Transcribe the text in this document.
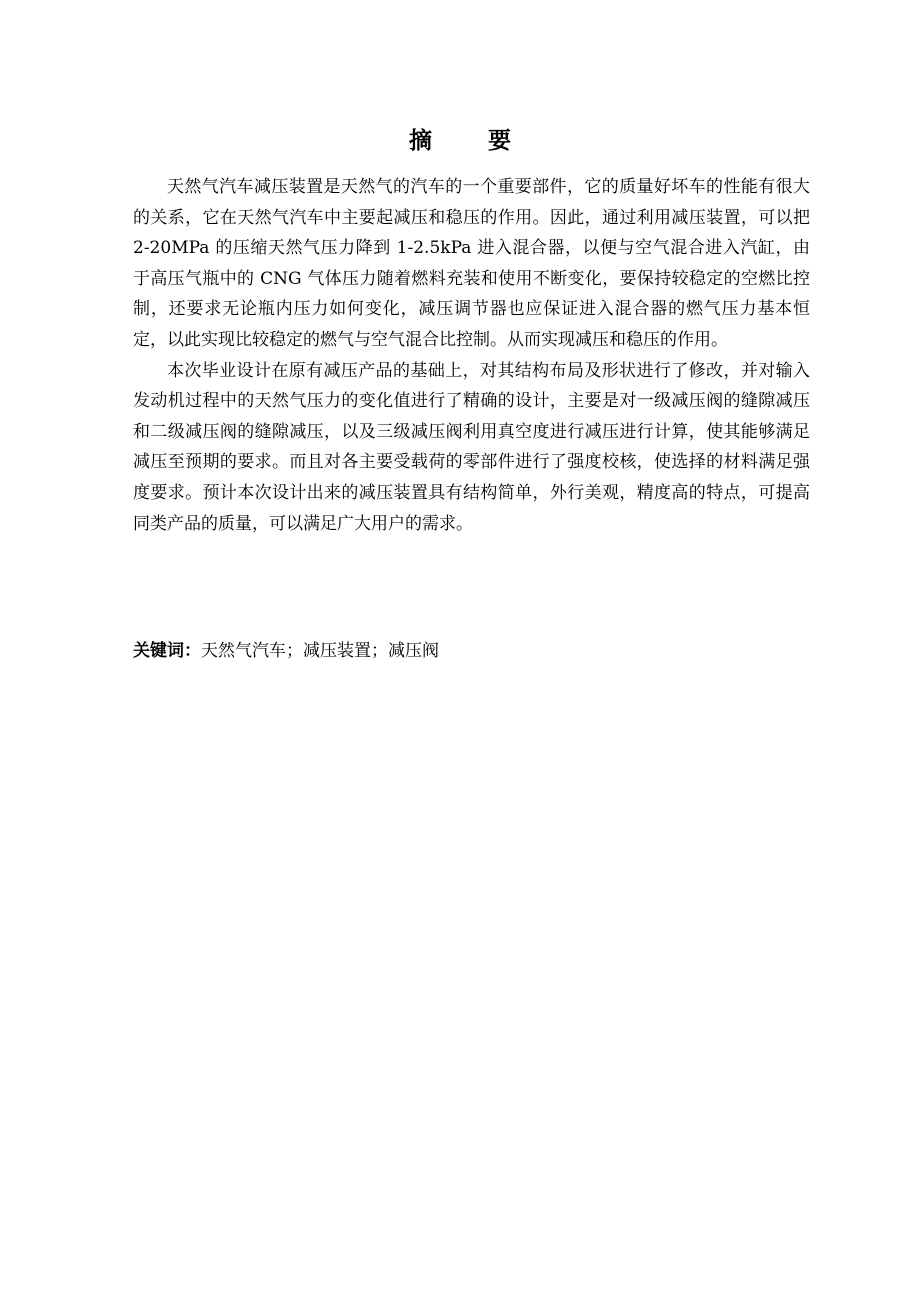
摘 要

天然气汽车减压装置是天然气的汽车的一个重要部件，它的质量好坏车的性能有很大的关系，它在天然气汽车中主要起减压和稳压的作用。因此，通过利用减压装置，可以把 2-20MPa 的压缩天然气压力降到 1-2.5kPa 进入混合器，以便与空气混合进入汽缸，由于高压气瓶中的 CNG 气体压力随着燃料充装和使用不断变化，要保持较稳定的空燃比控制，还要求无论瓶内压力如何变化，减压调节器也应保证进入混合器的燃气压力基本恒定，以此实现比较稳定的燃气与空气混合比控制。从而实现减压和稳压的作用。

本次毕业设计在原有减压产品的基础上，对其结构布局及形状进行了修改，并对输入发动机过程中的天然气压力的变化值进行了精确的设计，主要是对一级减压阀的缝隙减压和二级减压阀的缝隙减压，以及三级减压阀利用真空度进行减压进行计算，使其能够满足减压至预期的要求。而且对各主要受载荷的零部件进行了强度校核，使选择的材料满足强度要求。预计本次设计出来的减压装置具有结构简单，外行美观，精度高的特点，可提高同类产品的质量，可以满足广大用户的需求。

关键词：天然气汽车；减压装置；减压阀
